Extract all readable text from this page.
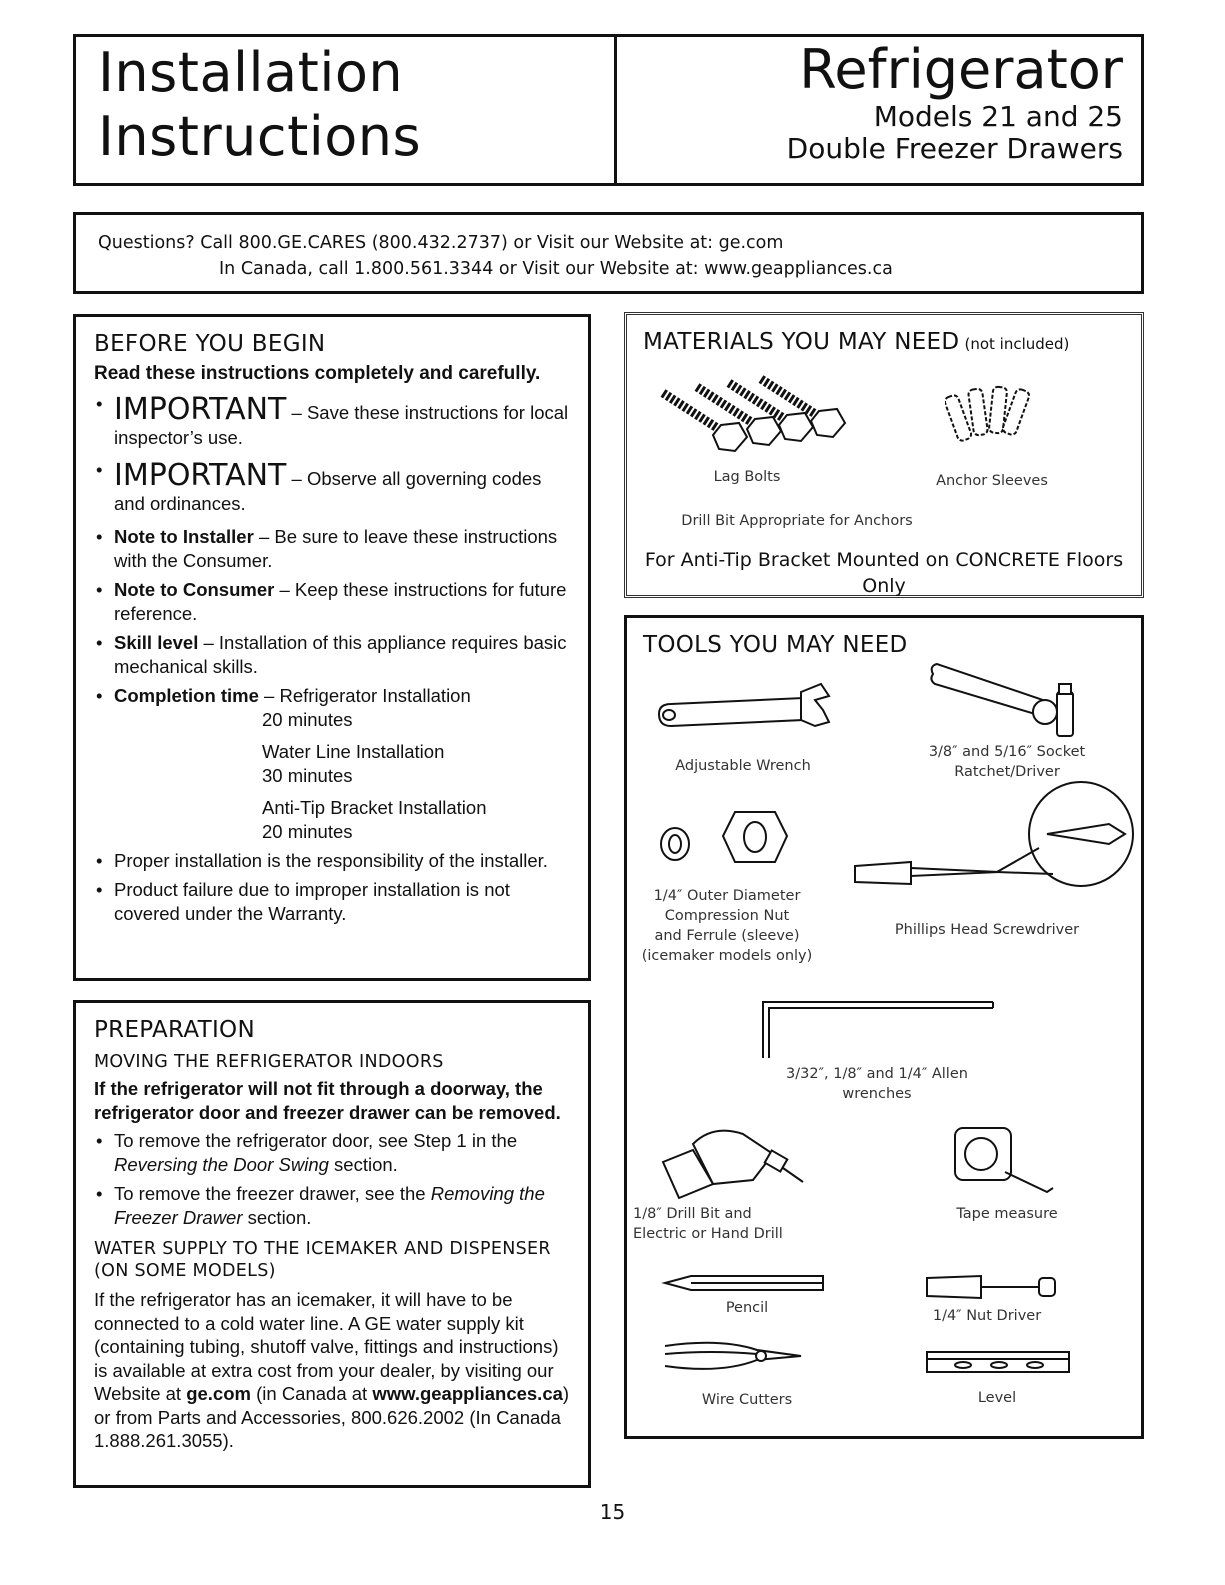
Installation
Instructions
Refrigerator
Models 21 and 25
Double Freezer Drawers
Questions? Call 800.GE.CARES (800.432.2737) or Visit our Website at: ge.com
In Canada, call 1.800.561.3344 or Visit our Website at: www.geappliances.ca
BEFORE YOU BEGIN
Read these instructions completely and carefully.
• IMPORTANT – Save these instructions for local inspector’s use.
• IMPORTANT – Observe all governing codes and ordinances.
• Note to Installer – Be sure to leave these instructions with the Consumer.
• Note to Consumer – Keep these instructions for future reference.
• Skill level – Installation of this appliance requires basic mechanical skills.
• Completion time – Refrigerator Installation
20 minutes
Water Line Installation
30 minutes
Anti-Tip Bracket Installation
20 minutes
• Proper installation is the responsibility of the installer.
• Product failure due to improper installation is not covered under the Warranty.
PREPARATION
MOVING THE REFRIGERATOR INDOORS
If the refrigerator will not fit through a doorway, the refrigerator door and freezer drawer can be removed.
• To remove the refrigerator door, see Step 1 in the Reversing the Door Swing section.
• To remove the freezer drawer, see the Removing the Freezer Drawer section.
WATER SUPPLY TO THE ICEMAKER AND DISPENSER (ON SOME MODELS)
If the refrigerator has an icemaker, it will have to be connected to a cold water line. A GE water supply kit (containing tubing, shutoff valve, fittings and instructions) is available at extra cost from your dealer, by visiting our Website at ge.com (in Canada at www.geappliances.ca) or from Parts and Accessories, 800.626.2002 (In Canada 1.888.261.3055).
MATERIALS YOU MAY NEED (not included)
Lag Bolts	Anchor Sleeves
Drill Bit Appropriate for Anchors
For Anti-Tip Bracket Mounted on CONCRETE Floors Only
TOOLS YOU MAY NEED
Adjustable Wrench
3/8″ and 5/16″ Socket
Ratchet/Driver
1/4″ Outer Diameter
Compression Nut
and Ferrule (sleeve)
(icemaker models only)
Phillips Head Screwdriver
3/32″, 1/8″ and 1/4″ Allen
wrenches
1/8″ Drill Bit and
Electric or Hand Drill
Tape measure
Pencil	1/4″ Nut Driver
Wire Cutters	Level
15
